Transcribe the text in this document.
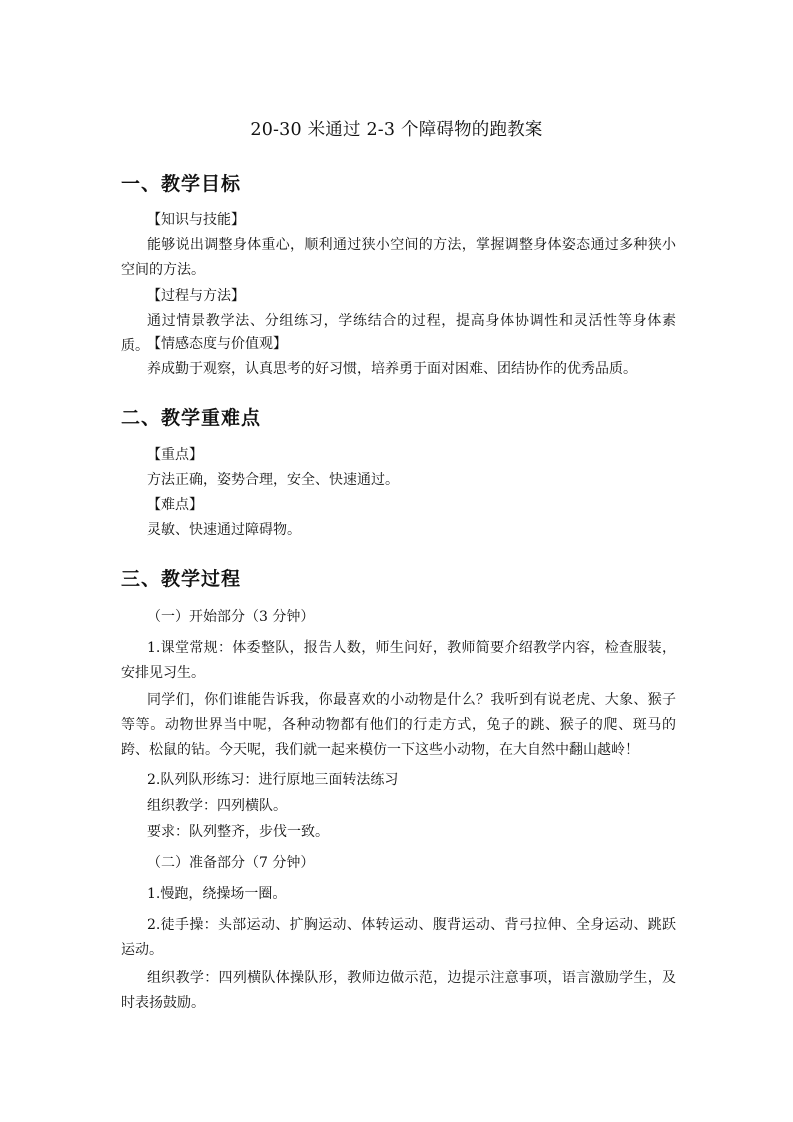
20-30 米通过 2-3 个障碍物的跑教案
一、教学目标
【知识与技能】
能够说出调整身体重心，顺利通过狭小空间的方法，掌握调整身体姿态通过多种狭小空间的方法。
【过程与方法】
通过情景教学法、分组练习，学练结合的过程，提高身体协调性和灵活性等身体素质。
【情感态度与价值观】
养成勤于观察，认真思考的好习惯，培养勇于面对困难、团结协作的优秀品质。
二、教学重难点
【重点】
方法正确，姿势合理，安全、快速通过。
【难点】
灵敏、快速通过障碍物。
三、教学过程
（一）开始部分（3 分钟）
1.课堂常规：体委整队，报告人数，师生问好，教师简要介绍教学内容，检查服装，安排见习生。
同学们，你们谁能告诉我，你最喜欢的小动物是什么？我听到有说老虎、大象、猴子等等。动物世界当中呢，各种动物都有他们的行走方式，兔子的跳、猴子的爬、斑马的跨、松鼠的钻。今天呢，我们就一起来模仿一下这些小动物，在大自然中翻山越岭！
2.队列队形练习：进行原地三面转法练习
组织教学：四列横队。
要求：队列整齐，步伐一致。
（二）准备部分（7 分钟）
1.慢跑，绕操场一圈。
2.徒手操：头部运动、扩胸运动、体转运动、腹背运动、背弓拉伸、全身运动、跳跃运动。
组织教学：四列横队体操队形，教师边做示范，边提示注意事项，语言激励学生，及时表扬鼓励。
